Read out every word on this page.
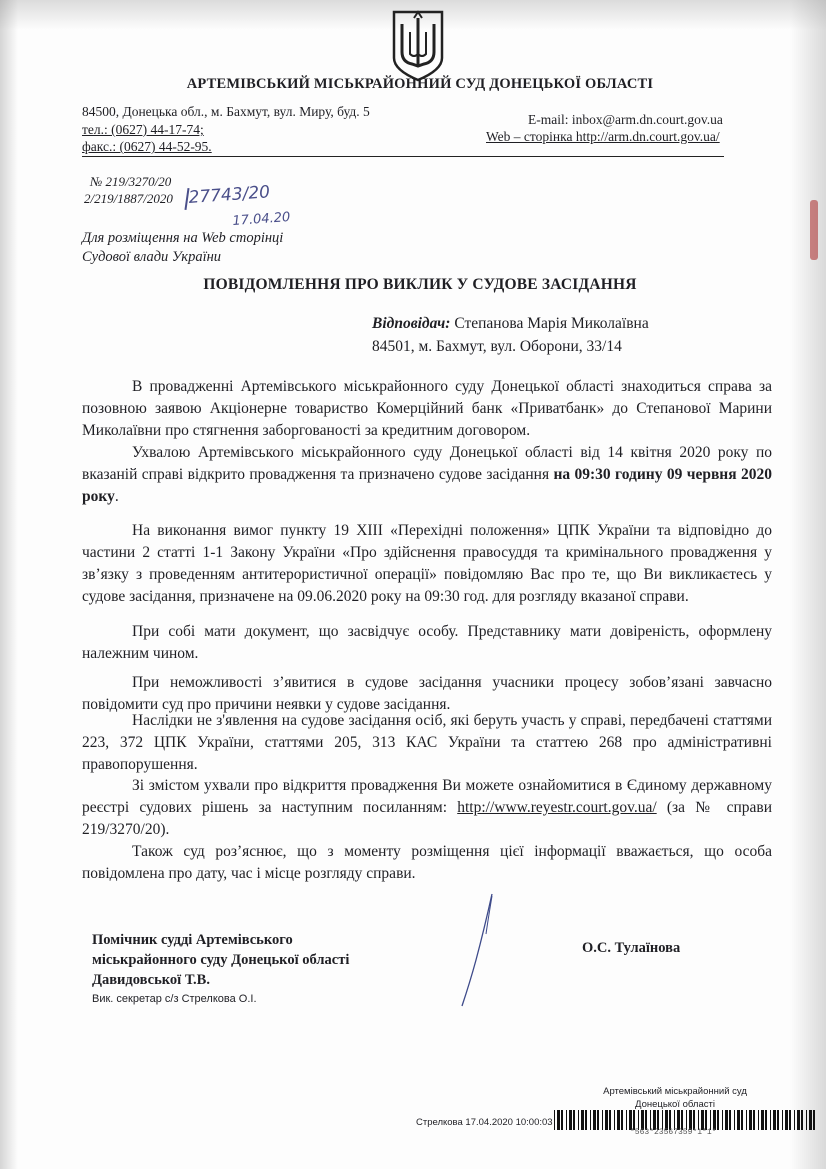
АРТЕМІВСЬКИЙ МІСЬКРАЙОННИЙ СУД ДОНЕЦЬКОЇ ОБЛАСТІ
84500, Донецька обл., м. Бахмут, вул. Миру, буд. 5
тел.: (0627) 44-17-74;
факс.: (0627) 44-52-95.
E-mail: inbox@arm.dn.court.gov.ua
Web – сторінка http://arm.dn.court.gov.ua/
№ 219/3270/20
2/219/1887/2020 27743/20
17.04.20
Для розміщення на Web сторінці
Судової влади України
ПОВІДОМЛЕННЯ ПРО ВИКЛИК У СУДОВЕ ЗАСІДАННЯ
Відповідач: Степанова Марія Миколаївна
84501, м. Бахмут, вул. Оборони, 33/14
В провадженні Артемівського міськрайонного суду Донецької області знаходиться справа за позовною заявою Акціонерне товариство Комерційний банк «Приватбанк» до Степанової Марини Миколаївни про стягнення заборгованості за кредитним договором.
Ухвалою Артемівського міськрайонного суду Донецької області від 14 квітня 2020 року по вказаній справі відкрито провадження та призначено судове засідання на 09:30 годину 09 червня 2020 року.
На виконання вимог пункту 19 ХІІІ «Перехідні положення» ЦПК України та відповідно до частини 2 статті 1-1 Закону України «Про здійснення правосуддя та кримінального провадження у зв’язку з проведенням антитерористичної операції» повідомляю Вас про те, що Ви викликаєтесь у судове засідання, призначене на 09.06.2020 року на 09:30 год. для розгляду вказаної справи.
При собі мати документ, що засвідчує особу. Представнику мати довіреність, оформлену належним чином.
При неможливості з’явитися в судове засідання учасники процесу зобов’язані завчасно повідомити суд про причини неявки у судове засідання.
Наслідки не з'явлення на судове засідання осіб, які беруть участь у справі, передбачені статтями 223, 372 ЦПК України, статтями 205, 313 КАС України та статтею 268 про адміністративні правопорушення.
Зі змістом ухвали про відкриття провадження Ви можете ознайомитися в Єдиному державному реєстрі судових рішень за наступним посиланням: http://www.reyestr.court.gov.ua/ (за № справи 219/3270/20).
Також суд роз’яснює, що з моменту розміщення цієї інформації вважається, що особа повідомлена про дату, час і місце розгляду справи.
Помічник судді Артемівського
міськрайонного суду Донецької області
Давидовської Т.В.
Вик. секретар с/з Стрелкова О.І.
О.С. Тулаїнова
Артемівський міськрайонний суд
Донецької області
Стрелкова 17.04.2020 10:00:03
*563*23567359*1*1*
